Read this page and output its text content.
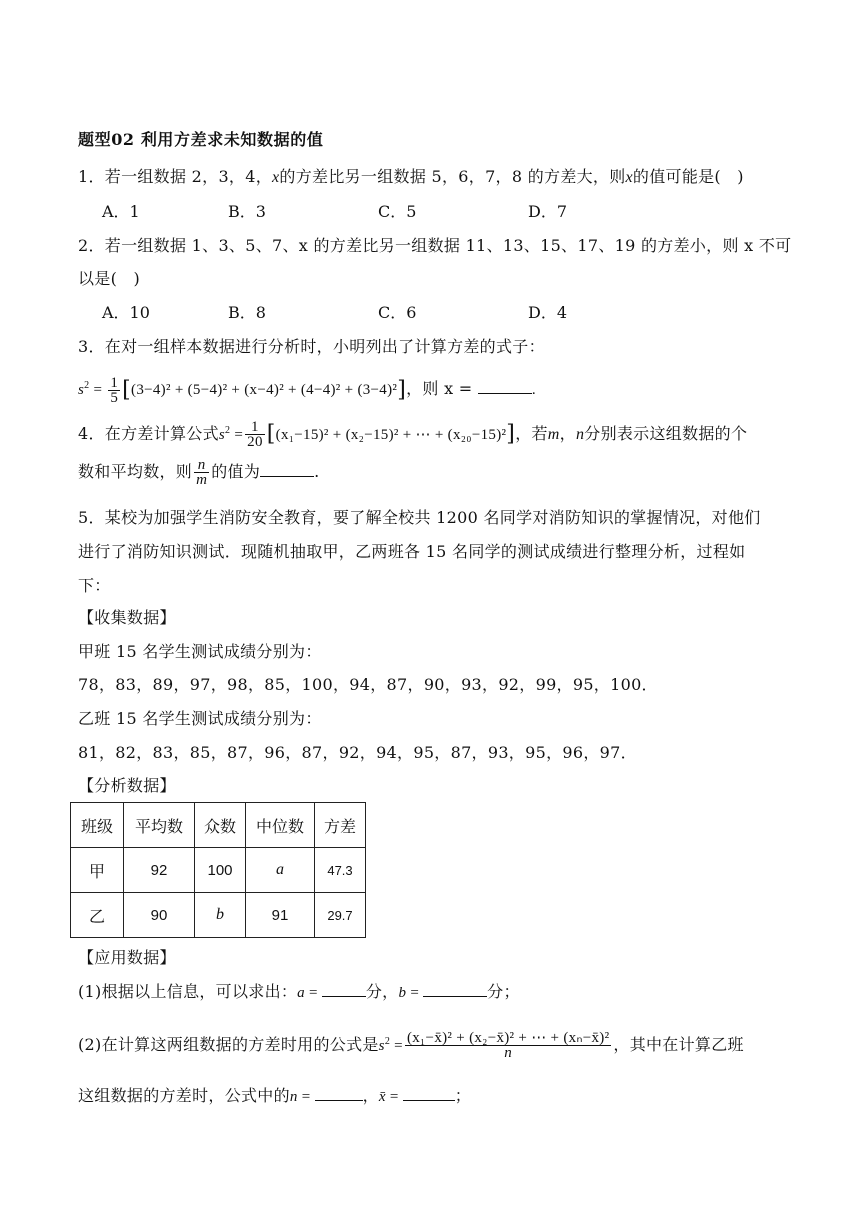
题型02 利用方差求未知数据的值
1．若一组数据 2，3，4，x的方差比另一组数据 5，6，7，8 的方差大，则x的值可能是(　)
A．1	B．3	C．5	D．7
2．若一组数据 1、3、5、7、x 的方差比另一组数据 11、13、15、17、19 的方差小，则 x 不可
以是(　)
A．10	B．8	C．6	D．4
3．在对一组样本数据进行分析时，小明列出了计算方差的式子：
$s^2 = \frac{1}{5} [(3-4)^2 + (5-4)^2 + (x-4)^2 + (4-4)^2 + (3-4)^2]$，则 x =	.
4．在方差计算公式$s^2 = \frac{1}{20} [(x_1-15)^2 + (x_2-15)^2$ + ⋯ + (x₂₀−15)²]，若m，n分别表示这组数据的个
数和平均数，则 $\frac{n}{m}$ 的值为	.
5．某校为加强学生消防安全教育，要了解全校共 1200 名同学对消防知识的掌握情况，对他们
进行了消防知识测试．现随机抽取甲，乙两班各 15 名同学的测试成绩进行整理分析，过程如
下：
【收集数据】
甲班 15 名学生测试成绩分别为：
78，83，89，97，98，85，100，94，87，90，93，92，99，95，100．
乙班 15 名学生测试成绩分别为：
81，82，83，85，87，96，87，92，94，95，87，93，95，96，97．
【分析数据】
班级	平均数	众数	中位数	方差
甲	92	100	a	47.3
乙	90	b	91	29.7
【应用数据】
(1)根据以上信息，可以求出：a =	分，b =	分；
(2)在计算这两组数据的方差时用的公式是$s^2 = \frac{\text{(x₁−x̄)² + (x₂−x̄)² + ⋯ + (xₙ−x̄)²}}{n}$ ，其中在计算乙班
这组数据的方差时，公式中的n =	，x̄ =	；
